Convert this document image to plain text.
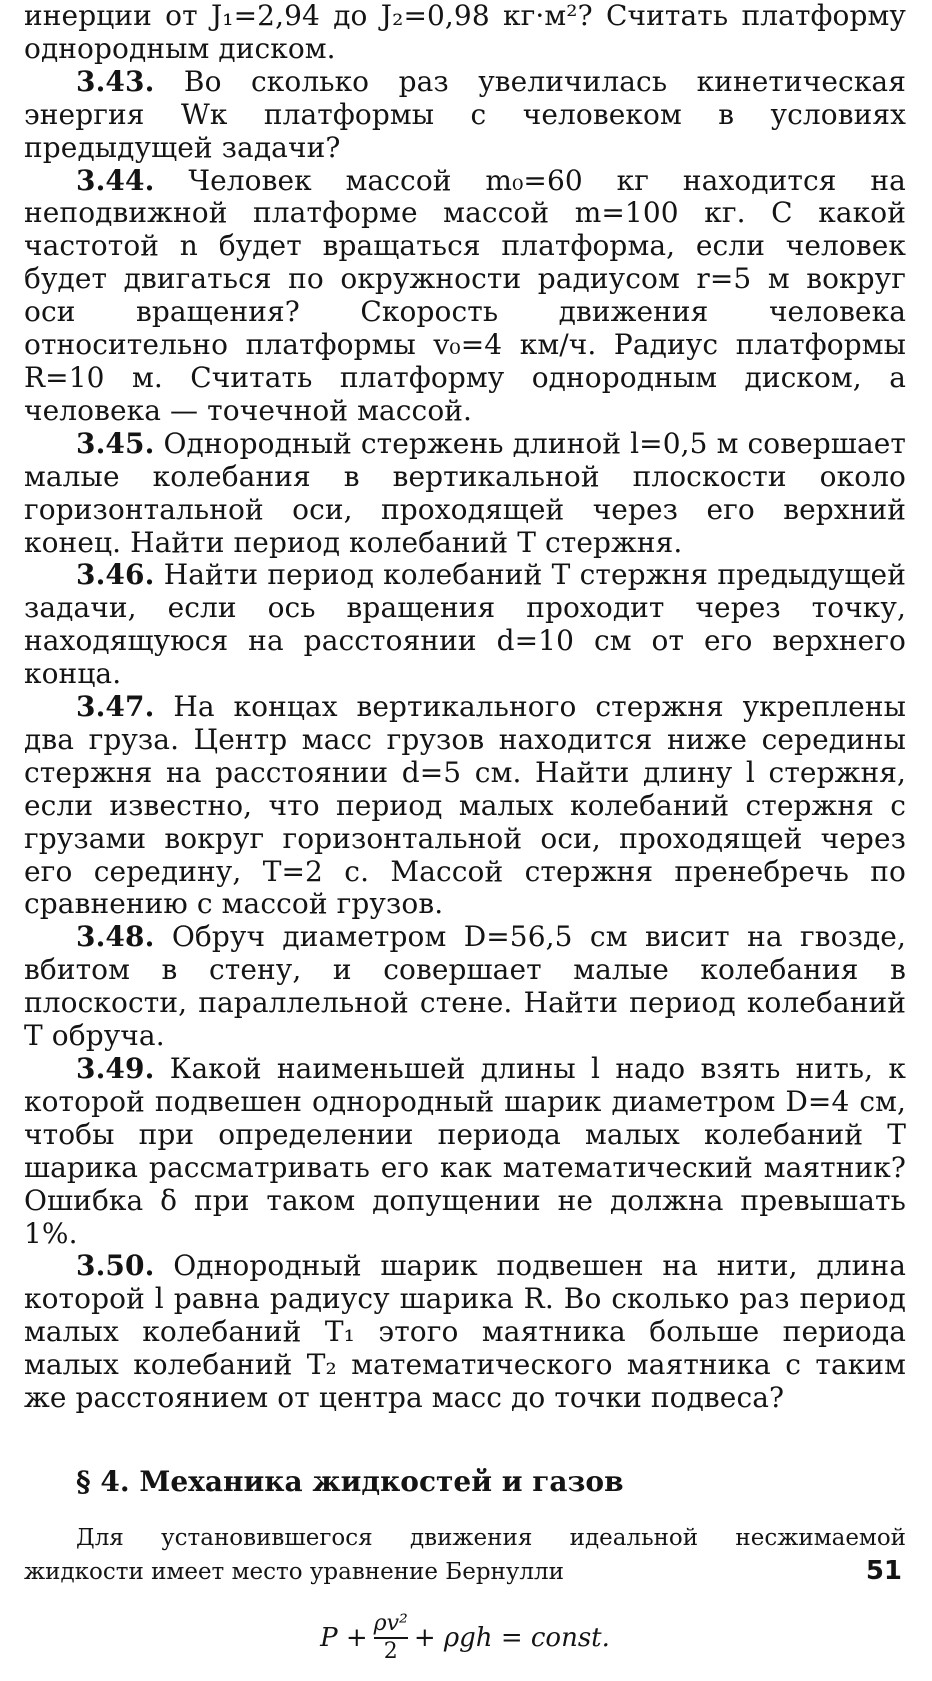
инерции от J₁=2,94 до J₂=0,98 кг·м²? Считать платформу однородным диском.

3.43. Во сколько раз увеличилась кинетическая энергия Wк платформы с человеком в условиях предыдущей задачи?

3.44. Человек массой m₀=60 кг находится на неподвижной платформе массой m=100 кг. С какой частотой n будет вращаться платформа, если человек будет двигаться по окружности радиусом r=5 м вокруг оси вращения? Скорость движения человека относительно платформы v₀=4 км/ч. Радиус платформы R=10 м. Считать платформу однородным диском, а человека — точечной массой.

3.45. Однородный стержень длиной l=0,5 м совершает малые колебания в вертикальной плоскости около горизонтальной оси, проходящей через его верхний конец. Найти период колебаний T стержня.

3.46. Найти период колебаний T стержня предыдущей задачи, если ось вращения проходит через точку, находящуюся на расстоянии d=10 см от его верхнего конца.

3.47. На концах вертикального стержня укреплены два груза. Центр масс грузов находится ниже середины стержня на расстоянии d=5 см. Найти длину l стержня, если известно, что период малых колебаний стержня с грузами вокруг горизонтальной оси, проходящей через его середину, T=2 с. Массой стержня пренебречь по сравнению с массой грузов.

3.48. Обруч диаметром D=56,5 см висит на гвозде, вбитом в стену, и совершает малые колебания в плоскости, параллельной стене. Найти период колебаний T обруча.

3.49. Какой наименьшей длины l надо взять нить, к которой подвешен однородный шарик диаметром D=4 см, чтобы при определении периода малых колебаний T шарика рассматривать его как математический маятник? Ошибка δ при таком допущении не должна превышать 1%.

3.50. Однородный шарик подвешен на нити, длина которой l равна радиусу шарика R. Во сколько раз период малых колебаний T₁ этого маятника больше периода малых колебаний T₂ математического маятника с таким же расстоянием от центра масс до точки подвеса?

§ 4. Механика жидкостей и газов

Для установившегося движения идеальной несжимаемой жидкости имеет место уравнение Бернулли

$P + \frac{\text{ρv²}}{2} + \rho gh$ = const.
51
